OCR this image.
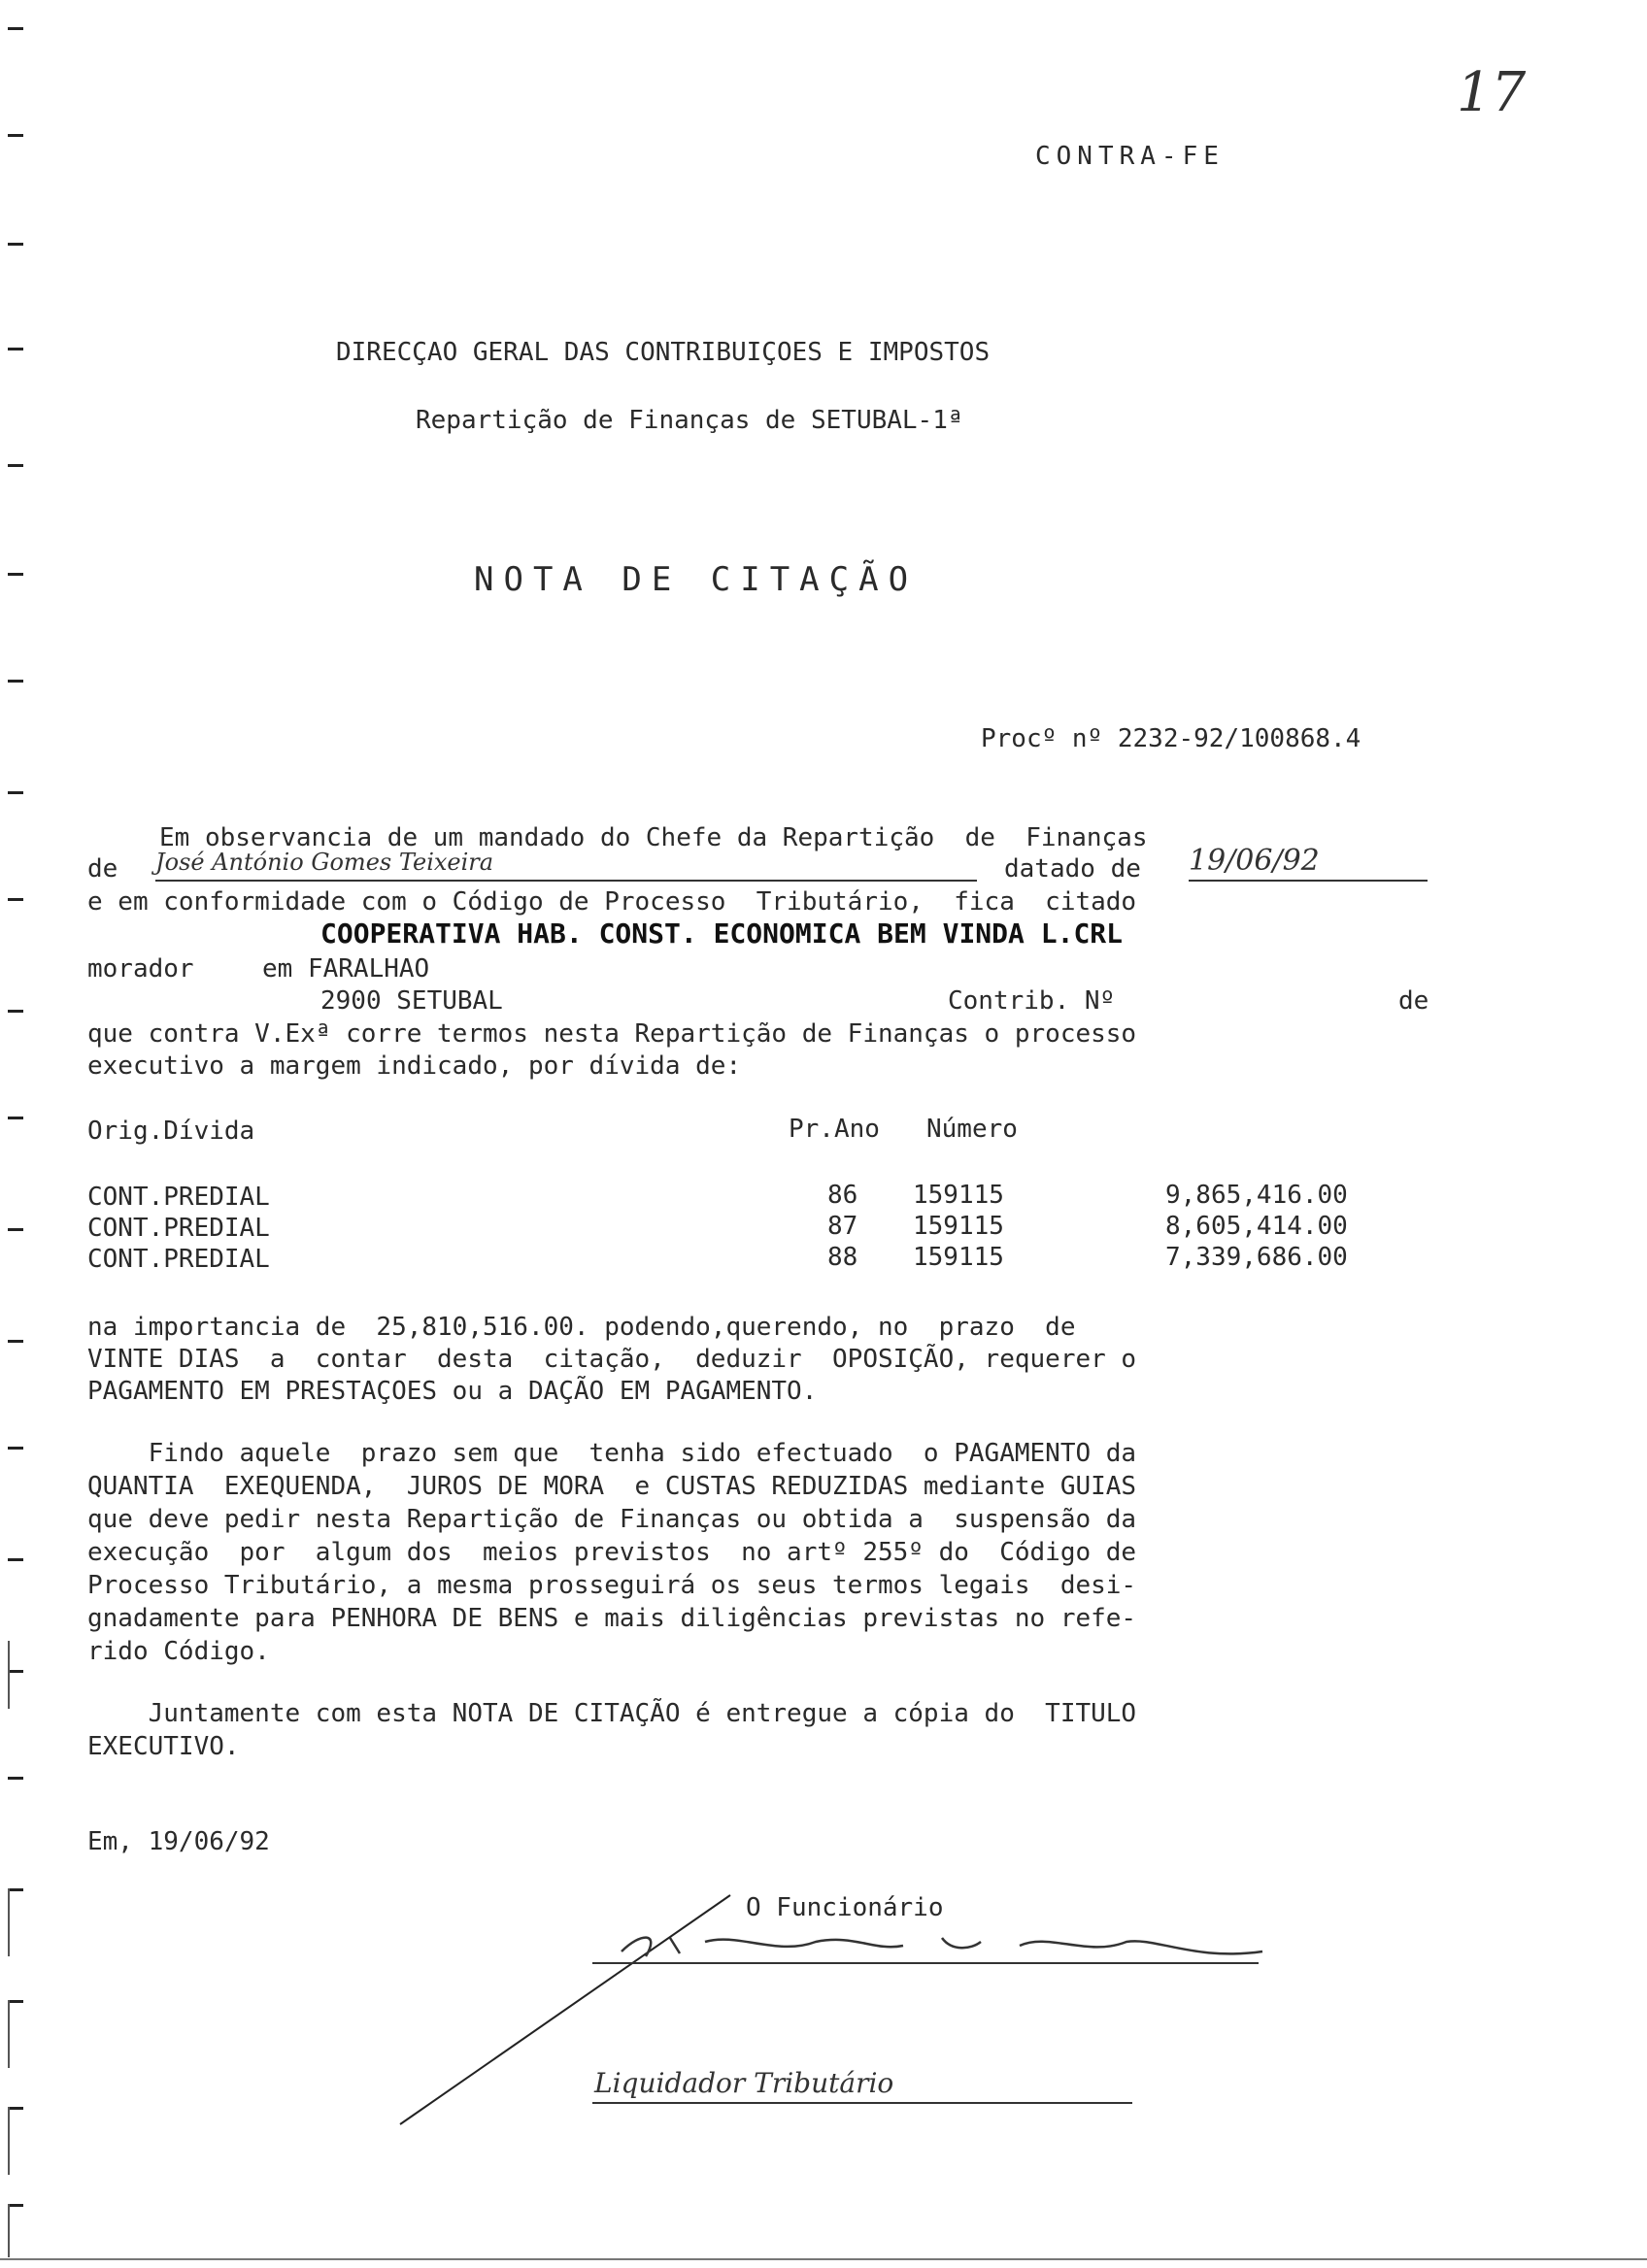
17
CONTRA-FE
DIRECÇAO GERAL DAS CONTRIBUIÇOES E IMPOSTOS
Repartição de Finanças de SETUBAL-1ª
NOTA DE CITAÇÃO
Procº nº 2232-92/100868.4
Em observancia de um mandado do Chefe da Repartição  de  Finanças
de José António Gomes Teixeira	datado de 19/06/92
e em conformidade com o Código de Processo  Tributário,  fica  citado
COOPERATIVA HAB. CONST. ECONOMICA BEM VINDA L.CRL
morador	em FARALHAO
2900 SETUBAL	Contrib. Nº	de
que contra V.Exª corre termos nesta Repartição de Finanças o processo
executivo a margem indicado, por dívida de:
Orig.Dívida	Pr.Ano Número
CONT.PREDIAL	86 159115	9,865,416.00
CONT.PREDIAL	87 159115	8,605,414.00
CONT.PREDIAL	88 159115	7,339,686.00
na importancia de  25,810,516.00. podendo,querendo, no  prazo  de
VINTE DIAS  a  contar  desta  citação,  deduzir  OPOSIÇÃO, requerer o
PAGAMENTO EM PRESTAÇOES ou a DAÇÃO EM PAGAMENTO.
Findo aquele  prazo sem que  tenha sido efectuado  o PAGAMENTO da
QUANTIA  EXEQUENDA,  JUROS DE MORA  e CUSTAS REDUZIDAS mediante GUIAS
que deve pedir nesta Repartição de Finanças ou obtida a  suspensão da
execução  por  algum dos  meios previstos  no artº 255º do  Código de
Processo Tributário, a mesma prosseguirá os seus termos legais  desi-
gnadamente para PENHORA DE BENS e mais diligências previstas no refe-
rido Código.
Juntamente com esta NOTA DE CITAÇÃO é entregue a cópia do  TITULO
EXECUTIVO.
Em, 19/06/92
O Funcionário
Liquidador Tributário
